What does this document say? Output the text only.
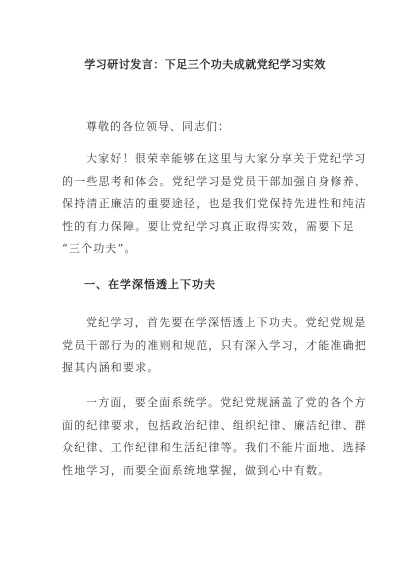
学习研讨发言：下足三个功夫成就党纪学习实效
尊敬的各位领导、同志们：
大家好！很荣幸能够在这里与大家分享关于党纪学习
的一些思考和体会。党纪学习是党员干部加强自身修养、
保持清正廉洁的重要途径，也是我们党保持先进性和纯洁
性的有力保障。要让党纪学习真正取得实效，需要下足
“三个功夫”。
一、在学深悟透上下功夫
党纪学习，首先要在学深悟透上下功夫。党纪党规是
党员干部行为的准则和规范，只有深入学习，才能准确把
握其内涵和要求。
一方面，要全面系统学。党纪党规涵盖了党的各个方
面的纪律要求，包括政治纪律、组织纪律、廉洁纪律、群
众纪律、工作纪律和生活纪律等。我们不能片面地、选择
性地学习，而要全面系统地掌握，做到心中有数。
